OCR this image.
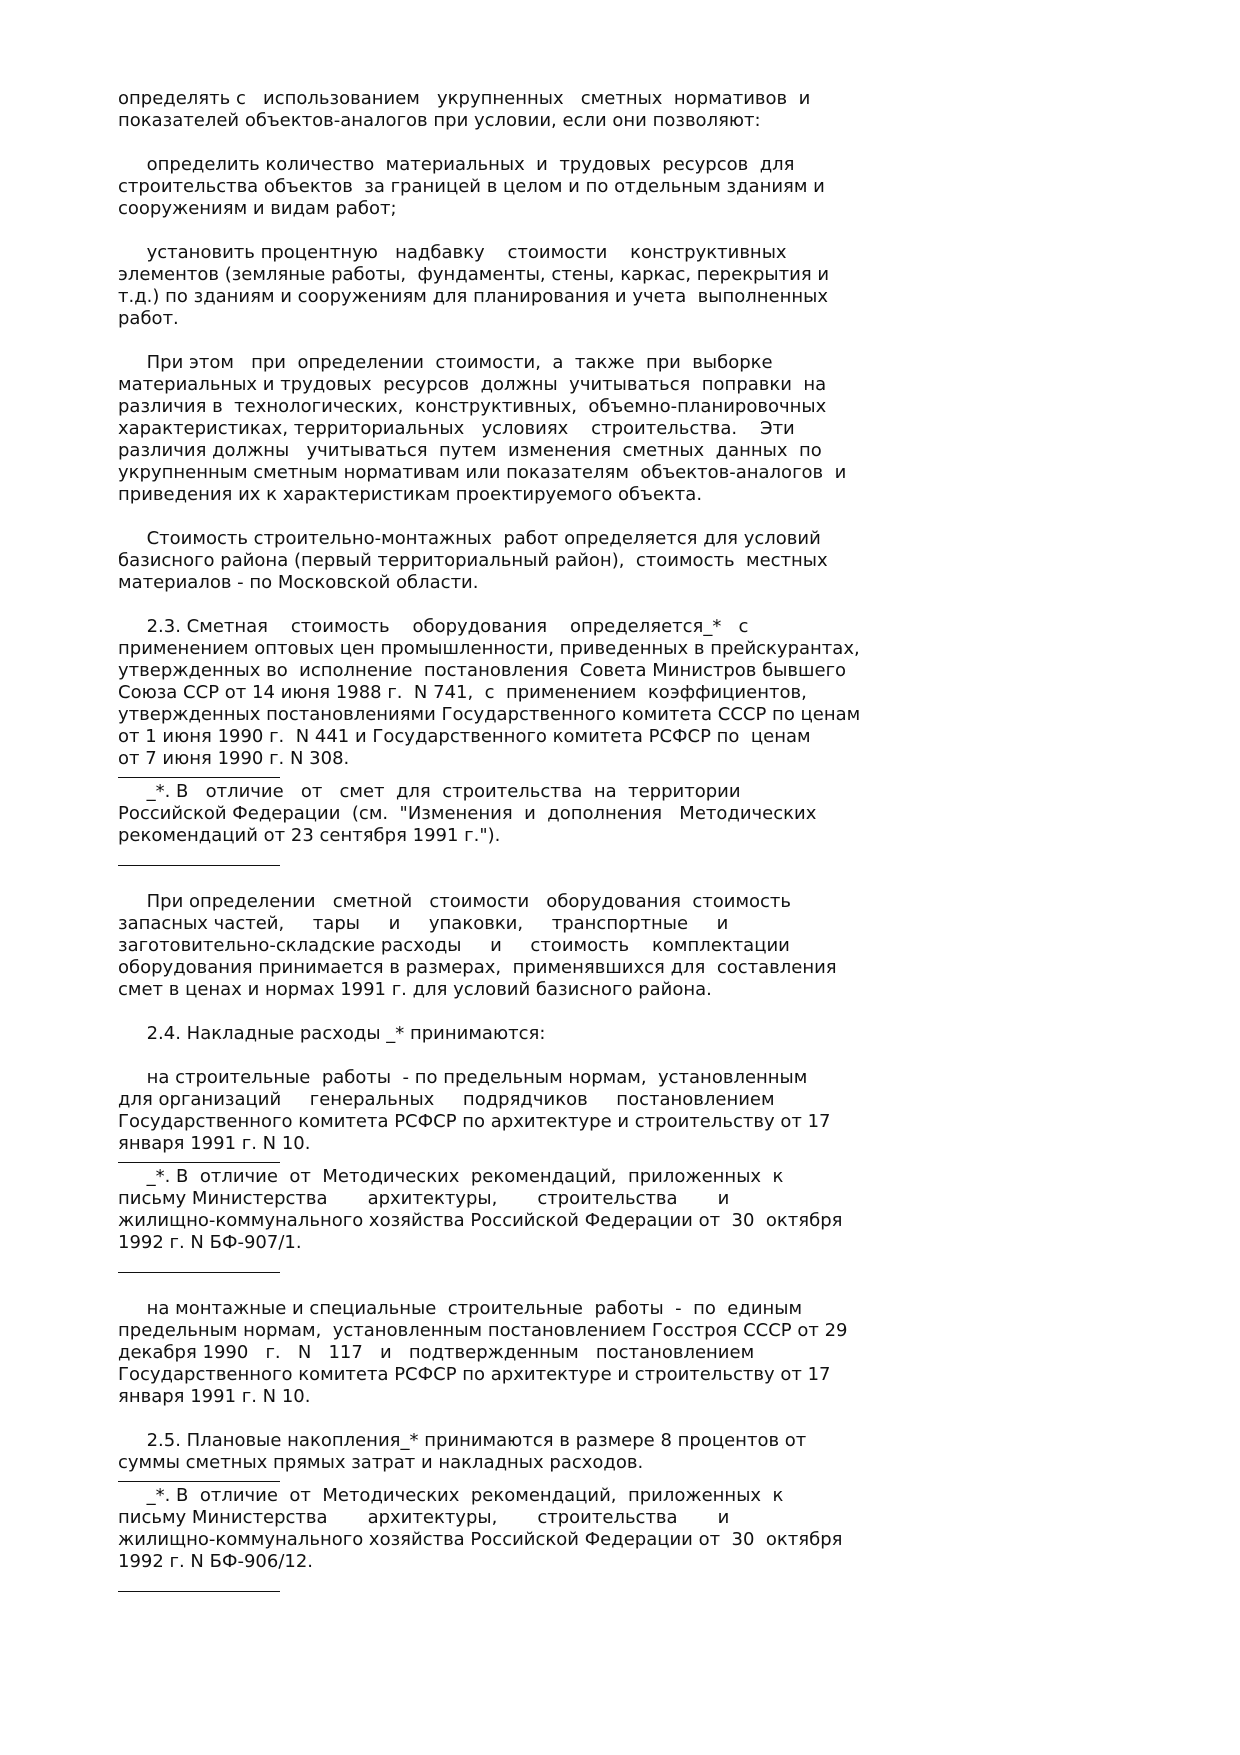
определять с   использованием   укрупненных   сметных  нормативов  и
показателей объектов-аналогов при условии, если они позволяют:
определить количество  материальных  и  трудовых  ресурсов  для
строительства объектов  за границей в целом и по отдельным зданиям и
сооружениям и видам работ;
установить процентную   надбавку    стоимости    конструктивных
элементов (земляные работы,  фундаменты, стены, каркас, перекрытия и
т.д.) по зданиям и сооружениям для планирования и учета  выполненных
работ.
При этом   при  определении  стоимости,  а  также  при  выборке
материальных и трудовых  ресурсов  должны  учитываться  поправки  на
различия в  технологических,  конструктивных,  объемно-планировочных
характеристиках, территориальных   условиях    строительства.    Эти
различия должны   учитываться  путем  изменения  сметных  данных  по
укрупненным сметным нормативам или показателям  объектов-аналогов  и
приведения их к характеристикам проектируемого объекта.
Стоимость строительно-монтажных  работ определяется для условий
базисного района (первый территориальный район),  стоимость  местных
материалов - по Московской области.
2.3. Сметная    стоимость    оборудования    определяется_*   с
применением оптовых цен промышленности, приведенных в прейскурантах,
утвержденных во  исполнение  постановления  Совета Министров бывшего
Союза ССР от 14 июня 1988 г.  N 741,  с  применением  коэффициентов,
утвержденных постановлениями Государственного комитета СССР по ценам
от 1 июня 1990 г.  N 441 и Государственного комитета РСФСР по  ценам
от 7 июня 1990 г. N 308.
_*. В   отличие   от   смет  для  строительства  на  территории
Российской Федерации  (см.  "Изменения  и  дополнения   Методических
рекомендаций от 23 сентября 1991 г.").
При определении   сметной   стоимости   оборудования  стоимость
запасных частей,     тары     и     упаковки,     транспортные     и
заготовительно-складские расходы     и     стоимость    комплектации
оборудования принимается в размерах,  применявшихся для  составления
смет в ценах и нормах 1991 г. для условий базисного района.
2.4. Накладные расходы _* принимаются:
на строительные  работы  - по предельным нормам,  установленным
для организаций     генеральных     подрядчиков     постановлением
Государственного комитета РСФСР по архитектуре и строительству от 17
января 1991 г. N 10.
_*. В  отличие  от  Методических  рекомендаций,  приложенных  к
письму Министерства       архитектуры,       строительства       и
жилищно-коммунального хозяйства Российской Федерации от  30  октября
1992 г. N БФ-907/1.
на монтажные и специальные  строительные  работы  -  по  единым
предельным нормам,  установленным постановлением Госстроя СССР от 29
декабря 1990   г.   N   117   и   подтвержденным   постановлением
Государственного комитета РСФСР по архитектуре и строительству от 17
января 1991 г. N 10.
2.5. Плановые накопления_* принимаются в размере 8 процентов от
суммы сметных прямых затрат и накладных расходов.
_*. В  отличие  от  Методических  рекомендаций,  приложенных  к
письму Министерства       архитектуры,       строительства       и
жилищно-коммунального хозяйства Российской Федерации от  30  октября
1992 г. N БФ-906/12.
